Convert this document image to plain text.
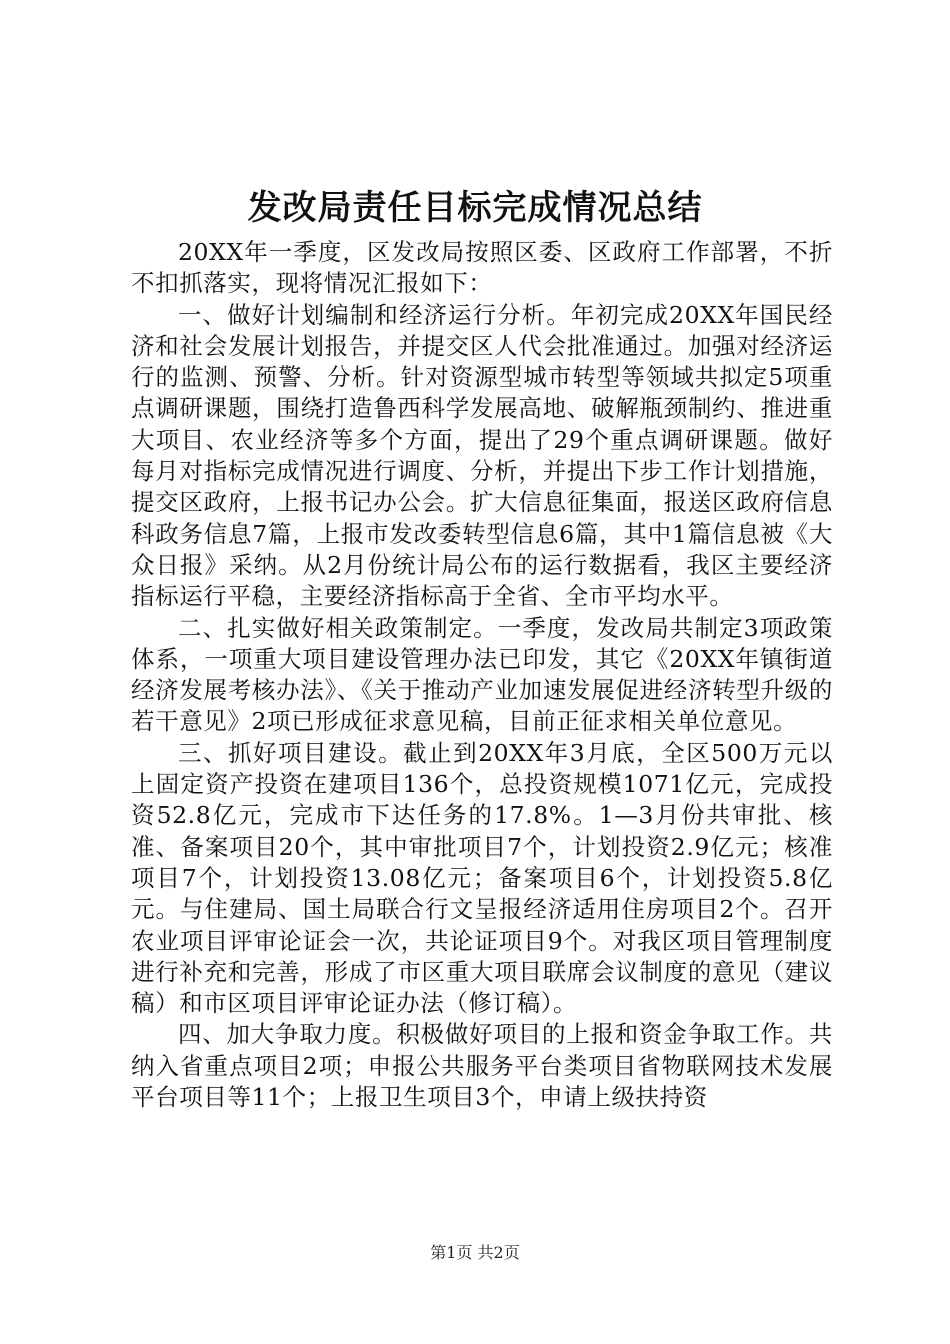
发改局责任目标完成情况总结

20XX年一季度，区发改局按照区委、区政府工作部署，不折不扣抓落实，现将情况汇报如下：

一、做好计划编制和经济运行分析。年初完成20XX年国民经济和社会发展计划报告，并提交区人代会批准通过。加强对经济运行的监测、预警、分析。针对资源型城市转型等领域共拟定5项重点调研课题，围绕打造鲁西科学发展高地、破解瓶颈制约、推进重大项目、农业经济等多个方面，提出了29个重点调研课题。做好每月对指标完成情况进行调度、分析，并提出下步工作计划措施，提交区政府，上报书记办公会。扩大信息征集面，报送区政府信息科政务信息7篇，上报市发改委转型信息6篇，其中1篇信息被《大众日报》采纳。从2月份统计局公布的运行数据看，我区主要经济指标运行平稳，主要经济指标高于全省、全市平均水平。

二、扎实做好相关政策制定。一季度，发改局共制定3项政策体系，一项重大项目建设管理办法已印发，其它《20XX年镇街道经济发展考核办法》、《关于推动产业加速发展促进经济转型升级的若干意见》2项已形成征求意见稿，目前正征求相关单位意见。

三、抓好项目建设。截止到20XX年3月底，全区500万元以上固定资产投资在建项目136个，总投资规模1071亿元，完成投资52.8亿元，完成市下达任务的17.8%。1—3月份共审批、核准、备案项目20个，其中审批项目7个，计划投资2.9亿元；核准项目7个，计划投资13.08亿元；备案项目6个，计划投资5.8亿元。与住建局、国土局联合行文呈报经济适用住房项目2个。召开农业项目评审论证会一次，共论证项目9个。对我区项目管理制度进行补充和完善，形成了市区重大项目联席会议制度的意见（建议稿）和市区项目评审论证办法（修订稿）。

四、加大争取力度。积极做好项目的上报和资金争取工作。共纳入省重点项目2项；申报公共服务平台类项目省物联网技术发展平台项目等11个；上报卫生项目3个，申请上级扶持资

第1页 共2页
